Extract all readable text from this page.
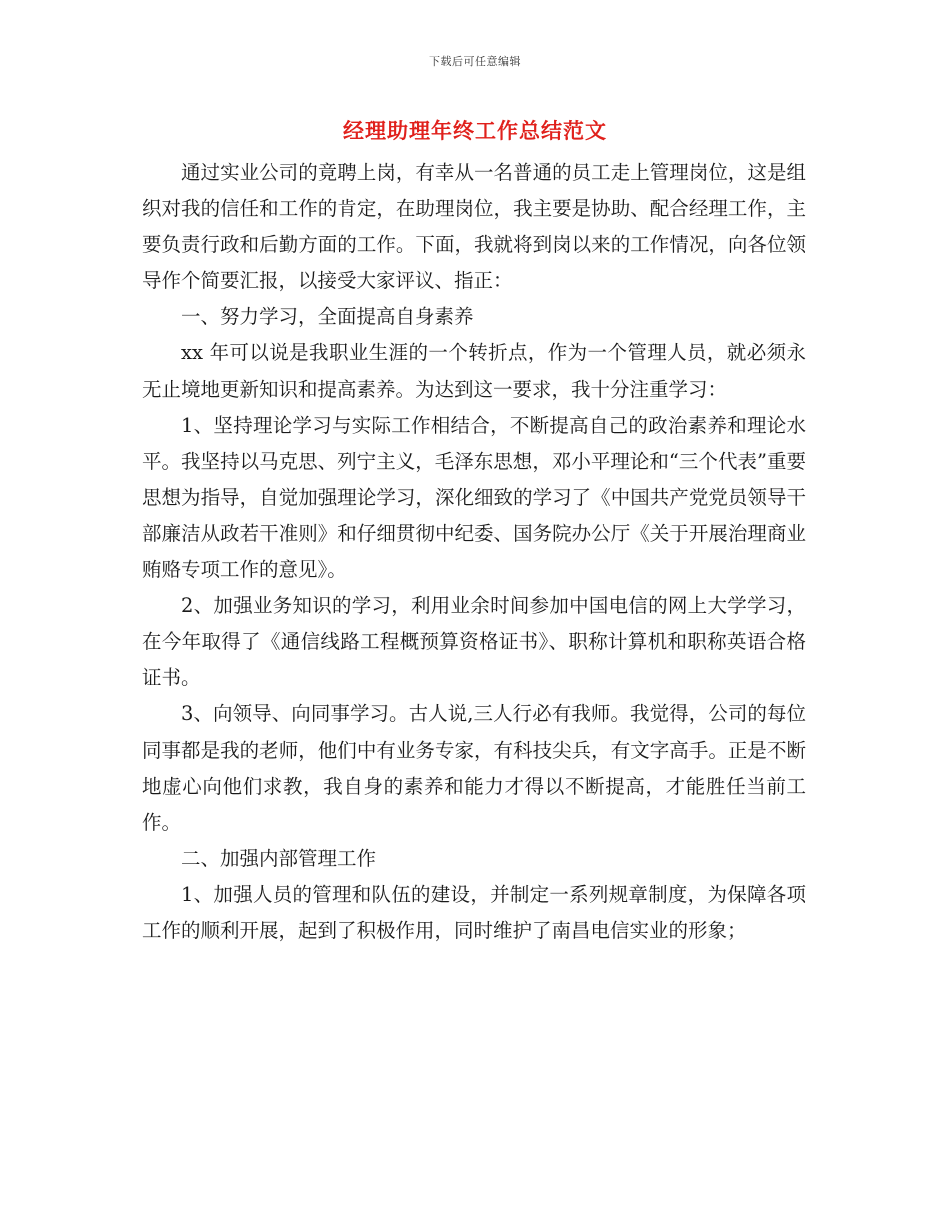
下载后可任意编辑
经理助理年终工作总结范文

通过实业公司的竟聘上岗，有幸从一名普通的员工走上管理岗位，这是组织对我的信任和工作的肯定，在助理岗位，我主要是协助、配合经理工作，主要负责行政和后勤方面的工作。下面，我就将到岗以来的工作情况，向各位领导作个简要汇报，以接受大家评议、指正：

一、努力学习，全面提高自身素养

xx 年可以说是我职业生涯的一个转折点，作为一个管理人员，就必须永无止境地更新知识和提高素养。为达到这一要求，我十分注重学习：

1、坚持理论学习与实际工作相结合，不断提高自己的政治素养和理论水平。我坚持以马克思、列宁主义，毛泽东思想，邓小平理论和“三个代表”重要思想为指导，自觉加强理论学习，深化细致的学习了《中国共产党党员领导干部廉洁从政若干准则》和仔细贯彻中纪委、国务院办公厅《关于开展治理商业贿赂专项工作的意见》。

2、加强业务知识的学习，利用业余时间参加中国电信的网上大学学习，在今年取得了《通信线路工程概预算资格证书》、职称计算机和职称英语合格证书。

3、向领导、向同事学习。古人说,三人行必有我师。我觉得，公司的每位同事都是我的老师，他们中有业务专家，有科技尖兵，有文字高手。正是不断地虚心向他们求教，我自身的素养和能力才得以不断提高，才能胜任当前工作。

二、加强内部管理工作

1、加强人员的管理和队伍的建设，并制定一系列规章制度，为保障各项工作的顺利开展，起到了积极作用，同时维护了南昌电信实业的形象；
